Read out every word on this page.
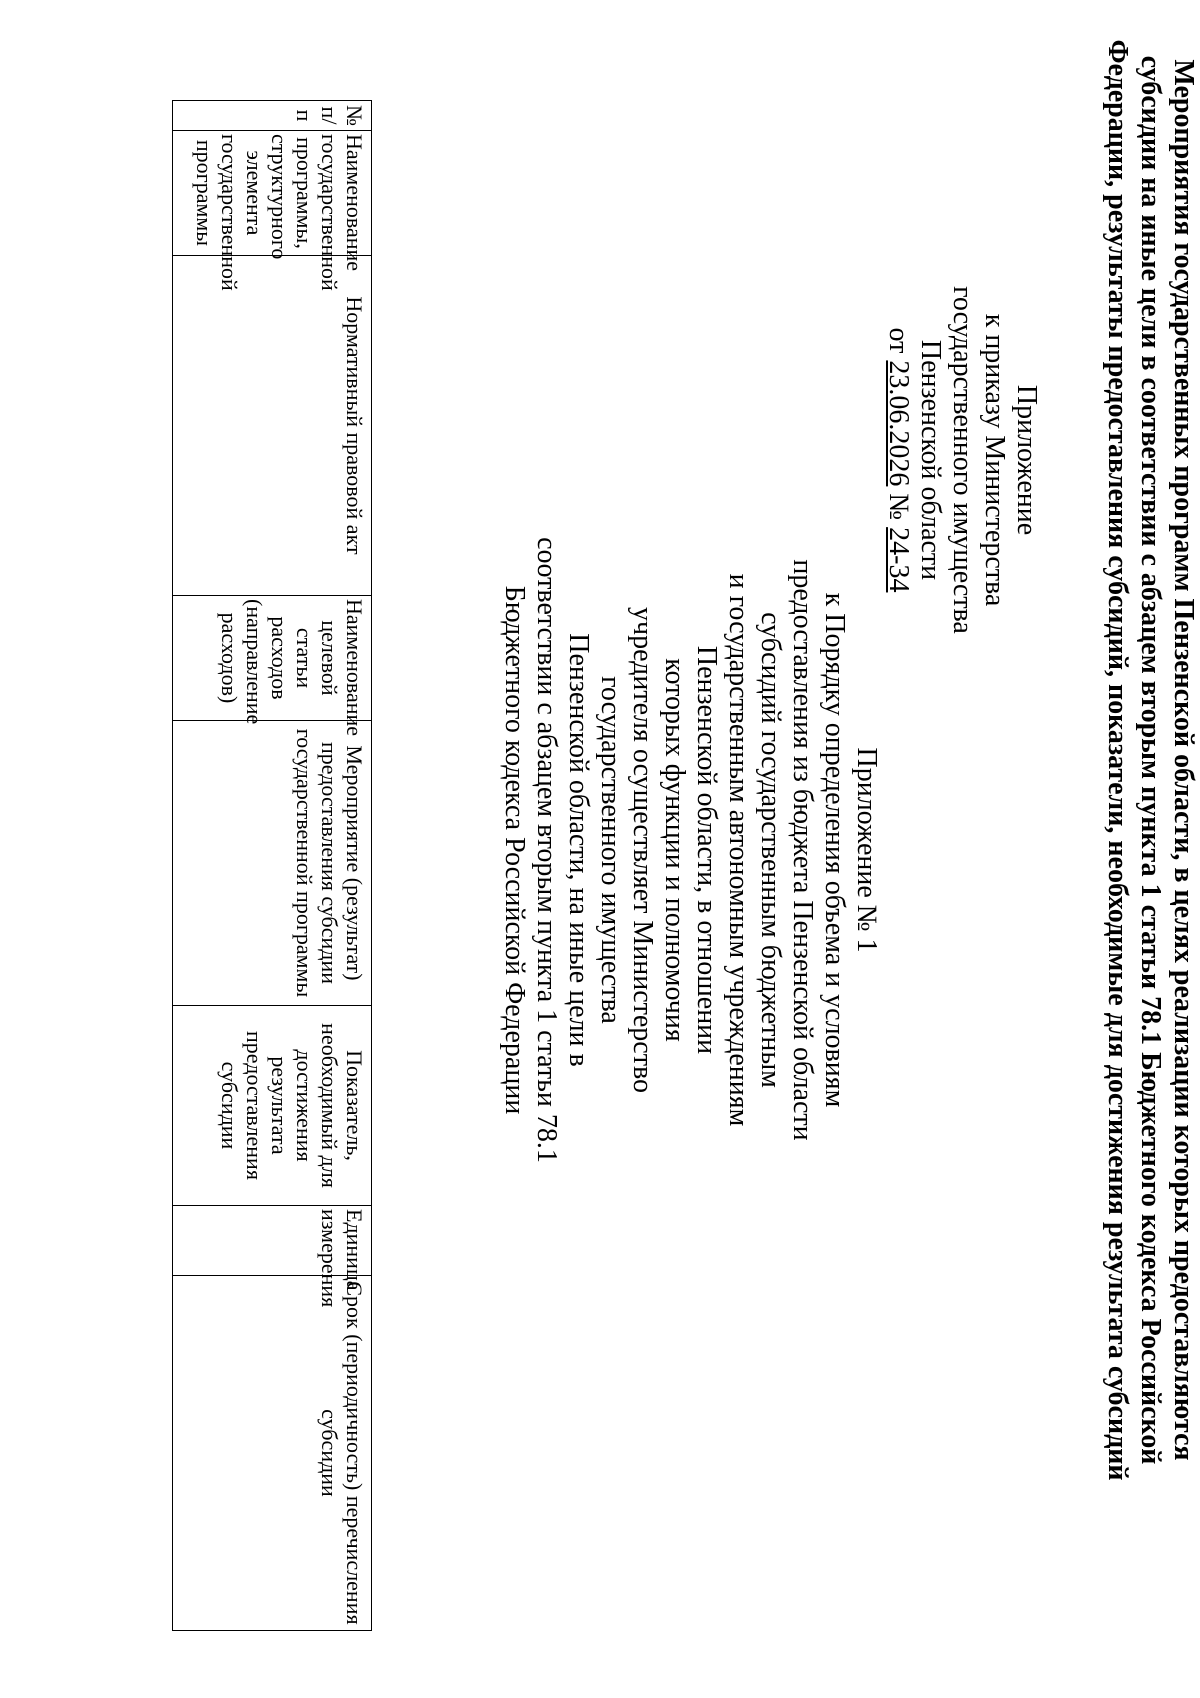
Приложение
к приказу Министерства
государственного имущества
Пензенской области
от 23.06.2026 № 24-34
Приложение № 1
к Порядку определения объема и условиям
предоставления из бюджета Пензенской области
субсидий государственным бюджетным
и государственным автономным учреждениям
Пензенской области, в отношении
которых функции и полномочия
учредителя осуществляет Министерство
государственного имущества
Пензенской области, на иные цели в
соответствии с абзацем вторым пункта 1 статьи 78.1
Бюджетного кодекса Российской Федерации	Мероприятия государственных программ Пензенской области, в целях реализации которых предоставляются
субсидии на иные цели в соответствии с абзацем вторым пункта 1 статьи 78.1 Бюджетного кодекса Российской
Федерации, результаты предоставления субсидий, показатели, необходимые для достижения результата субсидий
№ п/п	Наименование государственной программы, структурного элемента государственной программы	Нормативный правовой акт	Наименование целевой статьи расходов (направление расходов)	Мероприятие (результат) предоставления субсидии государственной программы	Показатель, необходимый для достижения результата предоставления субсидии	Единица измерения	Срок (периодичность) перечисления субсидии
